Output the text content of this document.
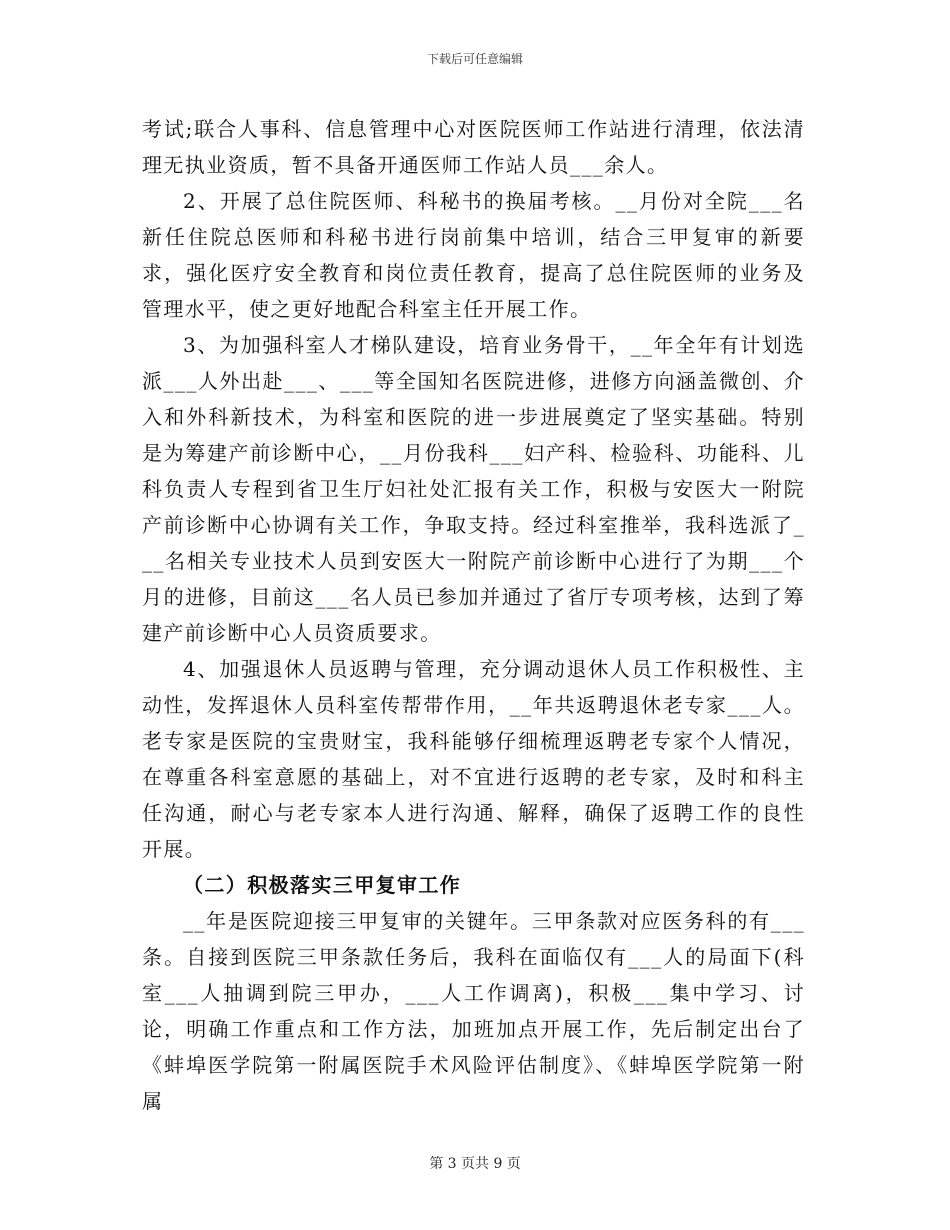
下载后可任意编辑

考试;联合人事科、信息管理中心对医院医师工作站进行清理，依法清理无执业资质，暂不具备开通医师工作站人员___余人。

2、开展了总住院医师、科秘书的换届考核。__月份对全院___名新任住院总医师和科秘书进行岗前集中培训，结合三甲复审的新要求，强化医疗安全教育和岗位责任教育，提高了总住院医师的业务及管理水平，使之更好地配合科室主任开展工作。

3、为加强科室人才梯队建设，培育业务骨干，__年全年有计划选派___人外出赴___、___等全国知名医院进修，进修方向涵盖微创、介入和外科新技术，为科室和医院的进一步进展奠定了坚实基础。特别是为筹建产前诊断中心，__月份我科___妇产科、检验科、功能科、儿科负责人专程到省卫生厅妇社处汇报有关工作，积极与安医大一附院产前诊断中心协调有关工作，争取支持。经过科室推举，我科选派了___名相关专业技术人员到安医大一附院产前诊断中心进行了为期___个月的进修，目前这___名人员已参加并通过了省厅专项考核，达到了筹建产前诊断中心人员资质要求。

4、加强退休人员返聘与管理，充分调动退休人员工作积极性、主动性，发挥退休人员科室传帮带作用，__年共返聘退休老专家___人。老专家是医院的宝贵财宝，我科能够仔细梳理返聘老专家个人情况，在尊重各科室意愿的基础上，对不宜进行返聘的老专家，及时和科主任沟通，耐心与老专家本人进行沟通、解释，确保了返聘工作的良性开展。

（二）积极落实三甲复审工作

__年是医院迎接三甲复审的关键年。三甲条款对应医务科的有___条。自接到医院三甲条款任务后，我科在面临仅有___人的局面下(科室___人抽调到院三甲办，___人工作调离)，积极___集中学习、讨论，明确工作重点和工作方法，加班加点开展工作，先后制定出台了《蚌埠医学院第一附属医院手术风险评估制度》、《蚌埠医学院第一附属

第 3 页共 9 页
